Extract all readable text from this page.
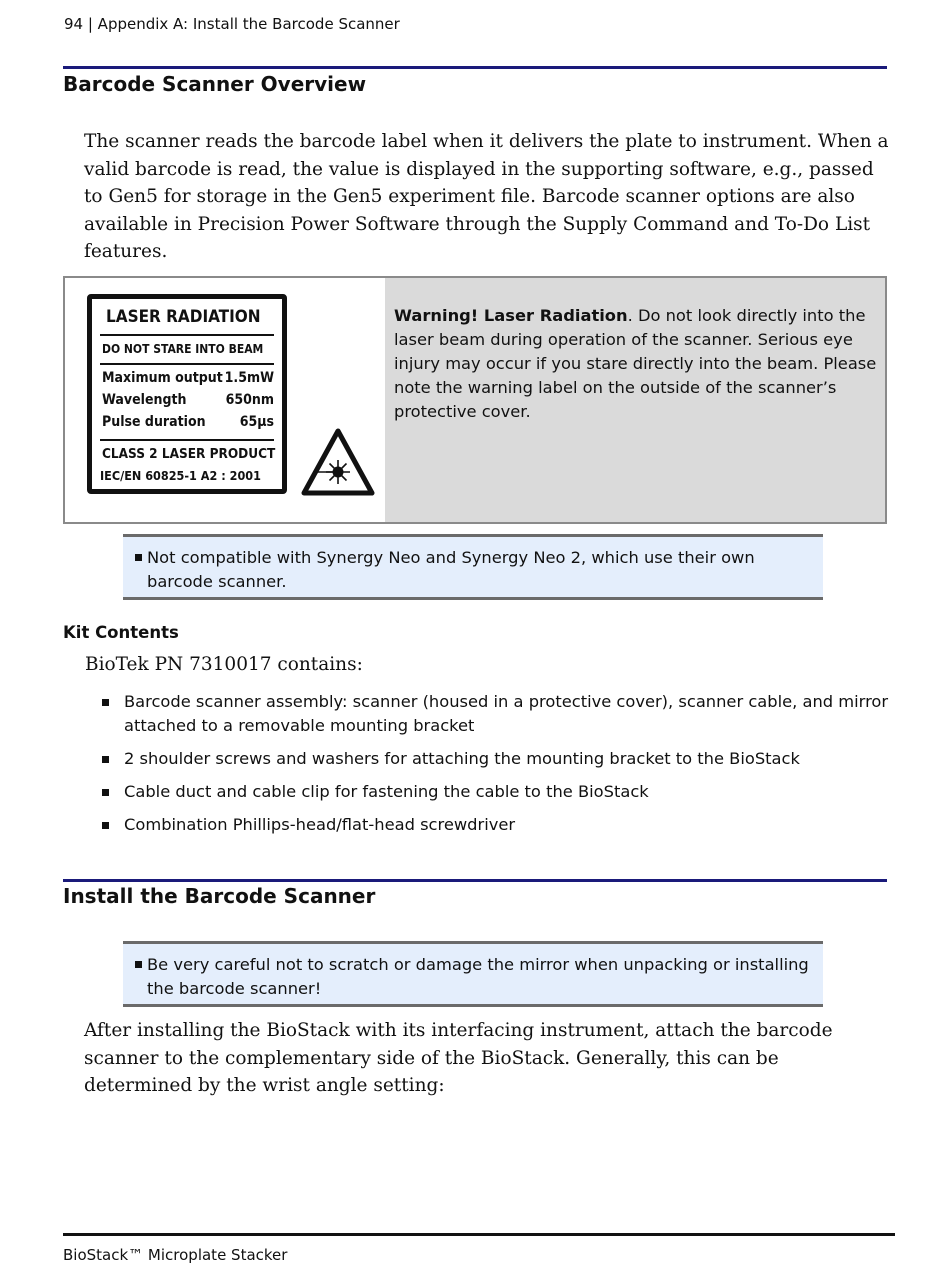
94 | Appendix A: Install the Barcode Scanner
Barcode Scanner Overview
The scanner reads the barcode label when it delivers the plate to instrument. When a valid barcode is read, the value is displayed in the supporting software, e.g., passed to Gen5 for storage in the Gen5 experiment file. Barcode scanner options are also available in Precision Power Software through the Supply Command and To-Do List features.
LASER RADIATION
DO NOT STARE INTO BEAM
Maximum output 1.5mW
Wavelength	650nm
Pulse duration 65µs
CLASS 2 LASER PRODUCT
IEC/EN 60825-1 A2 : 2001

Warning! Laser Radiation. Do not look directly into the laser beam during operation of the scanner. Serious eye injury may occur if you stare directly into the beam. Please note the warning label on the outside of the scanner’s protective cover.

Not compatible with Synergy Neo and Synergy Neo 2, which use their own barcode scanner.
Kit Contents
BioTek PN 7310017 contains:
Barcode scanner assembly: scanner (housed in a protective cover), scanner cable, and mirror attached to a removable mounting bracket
2 shoulder screws and washers for attaching the mounting bracket to the BioStack
Cable duct and cable clip for fastening the cable to the BioStack
Combination Phillips-head/flat-head screwdriver
Install the Barcode Scanner
Be very careful not to scratch or damage the mirror when unpacking or installing the barcode scanner!
After installing the BioStack with its interfacing instrument, attach the barcode scanner to the complementary side of the BioStack. Generally, this can be determined by the wrist angle setting:
BioStack™ Microplate Stacker
